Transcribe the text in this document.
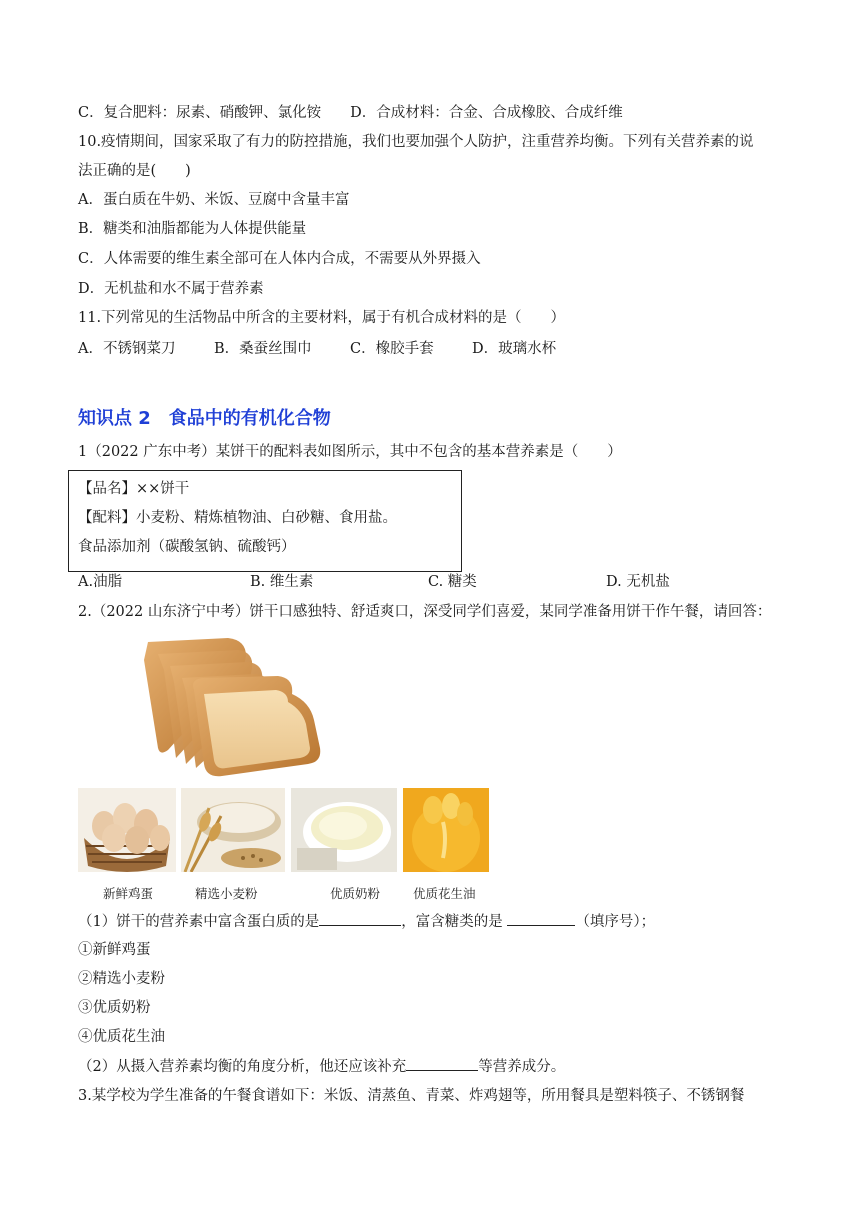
C．复合肥料：尿素、硝酸钾、氯化铵　　D．合成材料：合金、合成橡胶、合成纤维
10.疫情期间，国家采取了有力的防控措施，我们也要加强个人防护，注重营养均衡。下列有关营养素的说
法正确的是(　　)
A．蛋白质在牛奶、米饭、豆腐中含量丰富
B．糖类和油脂都能为人体提供能量
C．人体需要的维生素全部可在人体内合成，不需要从外界摄入
D．无机盐和水不属于营养素
11.下列常见的生活物品中所含的主要材料，属于有机合成材料的是（　　）
A．不锈钢菜刀	B．桑蚕丝围巾	C．橡胶手套	D．玻璃水杯
知识点 2　食品中的有机化合物
1（2022 广东中考）某饼干的配料表如图所示，其中不包含的基本营养素是（　　）
【品名】××饼干
【配料】小麦粉、精炼植物油、白砂糖、食用盐。
食品添加剂（碳酸氢钠、硫酸钙）
A.油脂	B. 维生素	C. 糖类	D. 无机盐
2.（2022 山东济宁中考）饼干口感独特、舒适爽口，深受同学们喜爱，某同学准备用饼干作午餐，请回答：
新鲜鸡蛋	精选小麦粉	优质奶粉	优质花生油
（1）饼干的营养素中富含蛋白质的是	，富含糖类的是	（填序号）；
①新鲜鸡蛋
②精选小麦粉
③优质奶粉
④优质花生油
（2）从摄入营养素均衡的角度分析，他还应该补充	等营养成分。
3.某学校为学生准备的午餐食谱如下：米饭、清蒸鱼、青菜、炸鸡翅等，所用餐具是塑料筷子、不锈钢餐
